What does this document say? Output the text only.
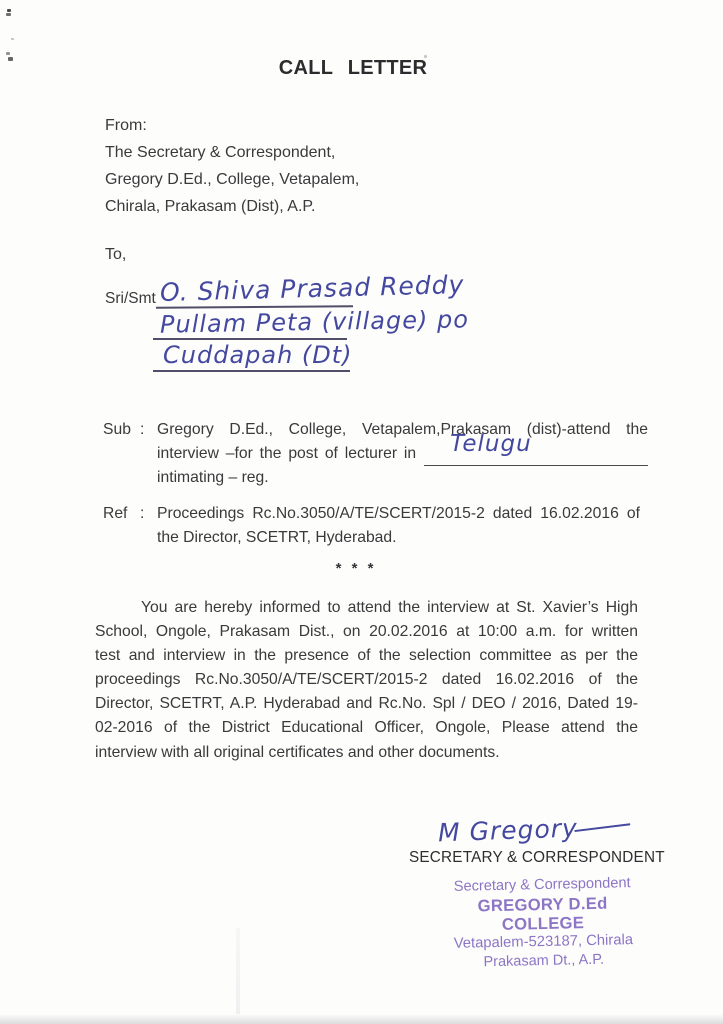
CALL LETTER
From:
The Secretary & Correspondent,
Gregory D.Ed., College, Vetapalem,
Chirala, Prakasam (Dist), A.P.
To,
Sri/Smt O. Shiva Prasad Reddy
Pullam Peta (village) po
Cuddapah (Dt)
Sub : Gregory D.Ed., College, Vetapalem,Prakasam (dist)-attend the
interview –for the post of lecturer in Telugu
intimating – reg.
Ref : Proceedings Rc.No.3050/A/TE/SCERT/2015-2 dated 16.02.2016 of
the Director, SCETRT, Hyderabad.
* * *
You are hereby informed to attend the interview at St. Xavier’s High
School, Ongole, Prakasam Dist., on 20.02.2016 at 10:00 a.m. for written
test and interview in the presence of the selection committee as per the
proceedings Rc.No.3050/A/TE/SCERT/2015-2 dated 16.02.2016 of the
Director, SCETRT, A.P. Hyderabad and Rc.No. Spl / DEO / 2016, Dated 19-
02-2016 of the District Educational Officer, Ongole, Please attend the
interview with all original certificates and other documents.
M Gregory
SECRETARY & CORRESPONDENT
Secretary & Correspondent
GREGORY D.Ed COLLEGE
Vetapalem-523187, Chirala
Prakasam Dt., A.P.
